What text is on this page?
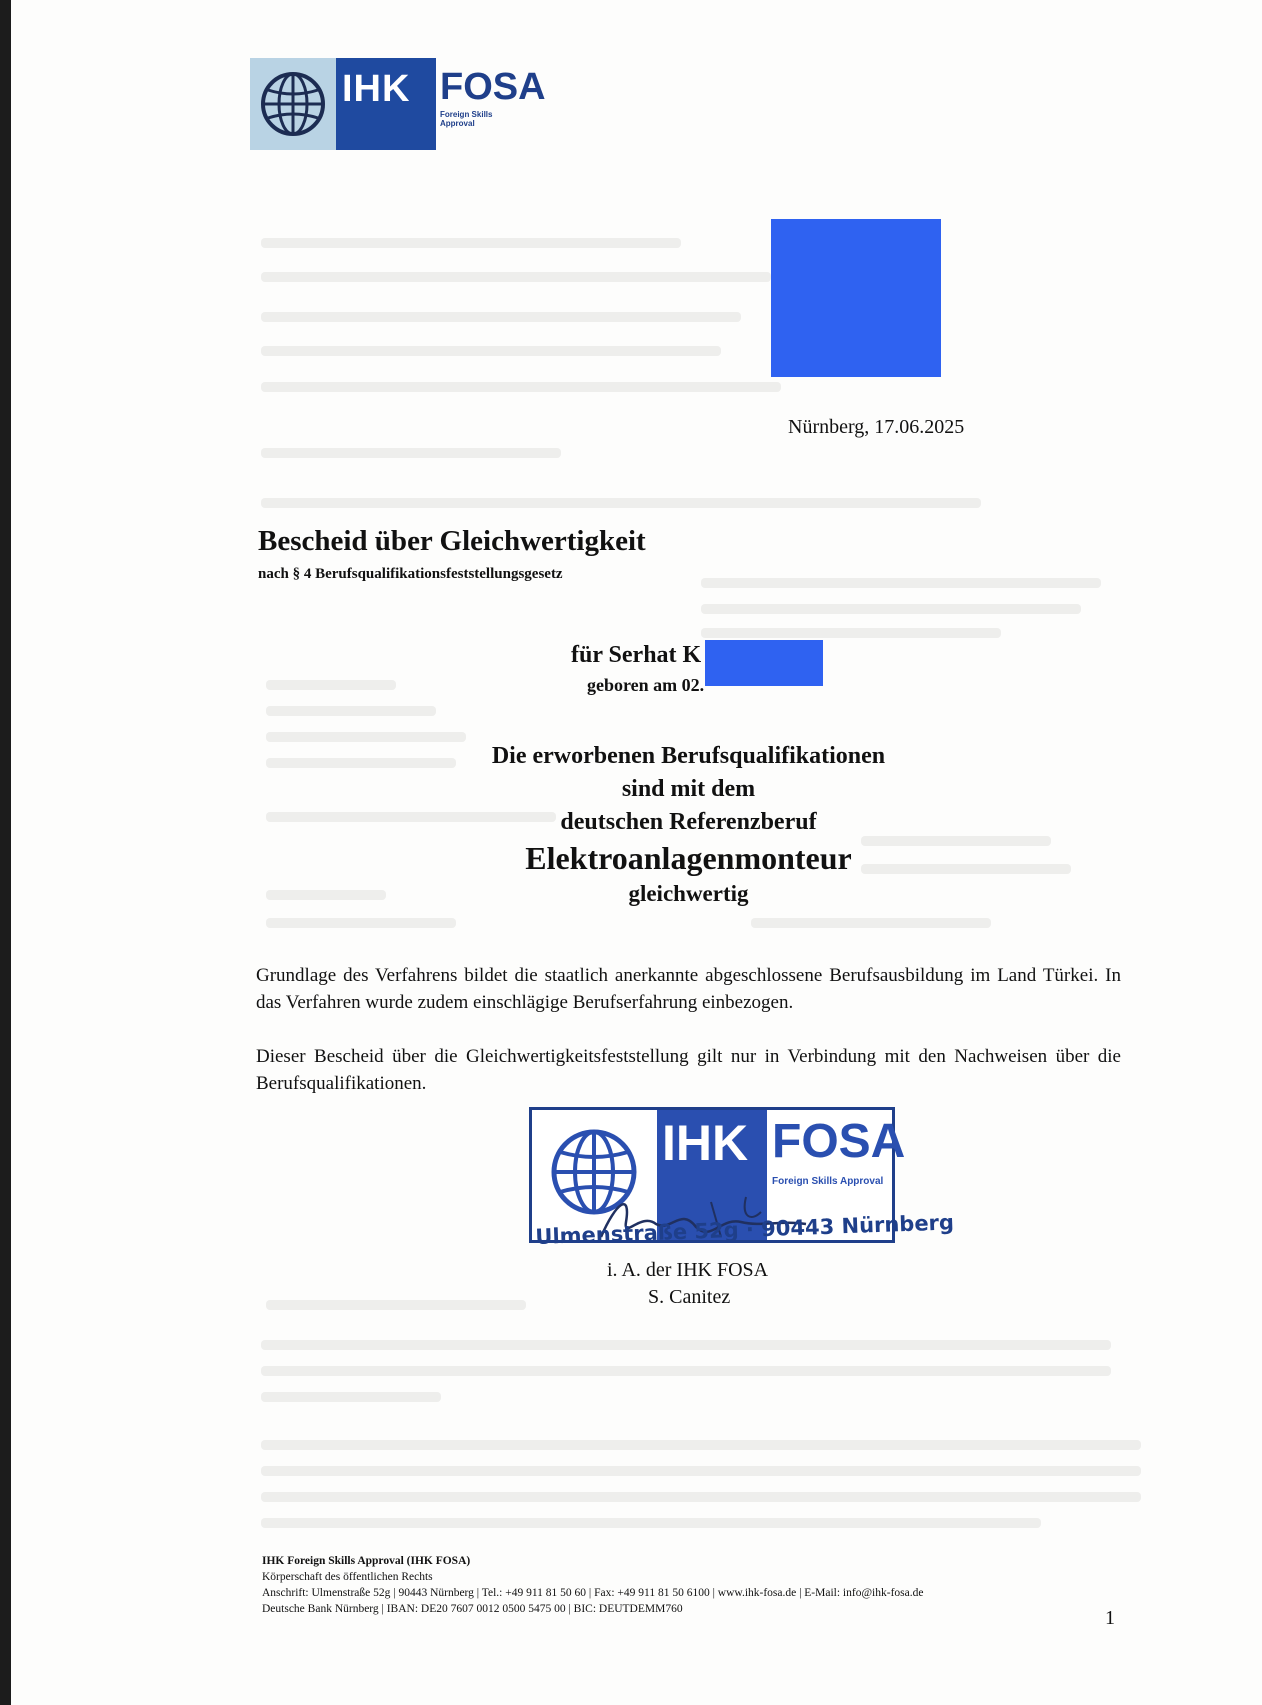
IHK FOSA
Foreign Skills Approval
Nürnberg, 17.06.2025
Bescheid über Gleichwertigkeit
nach § 4 Berufsqualifikationsfeststellungsgesetz
für Serhat K
geboren am 02.
Die erworbenen Berufsqualifikationen
sind mit dem
deutschen Referenzberuf
Elektroanlagenmonteur
gleichwertig
Grundlage des Verfahrens bildet die staatlich anerkannte abgeschlossene Berufsausbildung im Land Türkei. In das Verfahren wurde zudem einschlägige Berufserfahrung einbezogen.
Dieser Bescheid über die Gleichwertigkeitsfeststellung gilt nur in Verbindung mit den Nachweisen über die Berufsqualifikationen.
IHK FOSA
Foreign Skills Approval
Ulmenstraße 52g · 90443 Nürnberg
i. A. der IHK FOSA
S. Canitez
IHK Foreign Skills Approval (IHK FOSA)
Körperschaft des öffentlichen Rechts
Anschrift: Ulmenstraße 52g | 90443 Nürnberg | Tel.: +49 911 81 50 60 | Fax: +49 911 81 50 6100 | www.ihk-fosa.de | E-Mail: info@ihk-fosa.de
Deutsche Bank Nürnberg | IBAN: DE20 7607 0012 0500 5475 00 | BIC: DEUTDEMM760	1
